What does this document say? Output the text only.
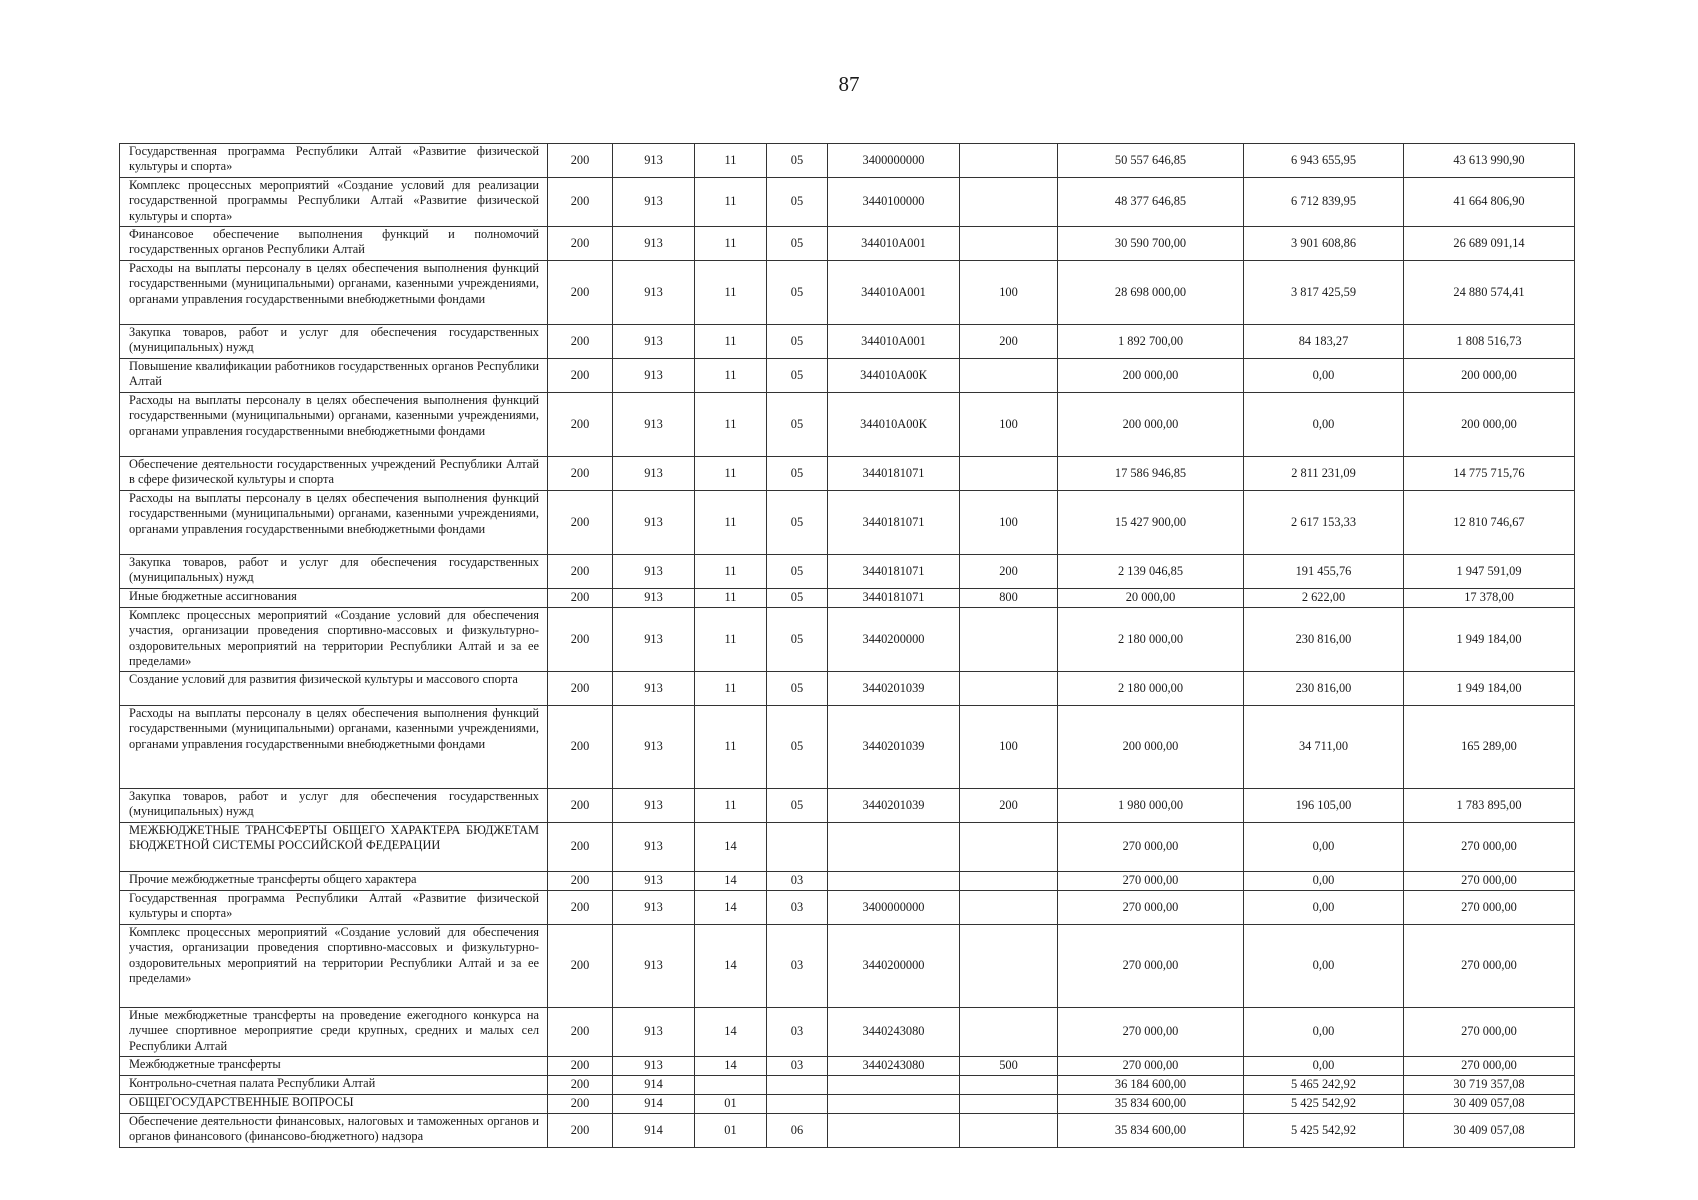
87
Государственная программа Республики Алтай «Развитие физической культуры и спорта»	200	913	11	05	3400000000		50 557 646,85	6 943 655,95	43 613 990,90
Комплекс процессных мероприятий «Создание условий для реализации государственной программы Республики Алтай «Развитие физической культуры и спорта»	200	913	11	05	3440100000		48 377 646,85	6 712 839,95	41 664 806,90
Финансовое обеспечение выполнения функций и полномочий государственных органов Республики Алтай	200	913	11	05	344010А001		30 590 700,00	3 901 608,86	26 689 091,14
Расходы на выплаты персоналу в целях обеспечения выполнения функций государственными (муниципальными) органами, казенными учреждениями, органами управления государственными внебюджетными фондами	200	913	11	05	344010А001	100	28 698 000,00	3 817 425,59	24 880 574,41
Закупка товаров, работ и услуг для обеспечения государственных (муниципальных) нужд	200	913	11	05	344010А001	200	1 892 700,00	84 183,27	1 808 516,73
Повышение квалификации работников государственных органов Республики Алтай	200	913	11	05	344010А00К		200 000,00	0,00	200 000,00
Расходы на выплаты персоналу в целях обеспечения выполнения функций государственными (муниципальными) органами, казенными учреждениями, органами управления государственными внебюджетными фондами	200	913	11	05	344010А00К	100	200 000,00	0,00	200 000,00
Обеспечение деятельности государственных учреждений Республики Алтай в сфере физической культуры и спорта	200	913	11	05	3440181071		17 586 946,85	2 811 231,09	14 775 715,76
Расходы на выплаты персоналу в целях обеспечения выполнения функций государственными (муниципальными) органами, казенными учреждениями, органами управления государственными внебюджетными фондами	200	913	11	05	3440181071	100	15 427 900,00	2 617 153,33	12 810 746,67
Закупка товаров, работ и услуг для обеспечения государственных (муниципальных) нужд	200	913	11	05	3440181071	200	2 139 046,85	191 455,76	1 947 591,09
Иные бюджетные ассигнования	200	913	11	05	3440181071	800	20 000,00	2 622,00	17 378,00
Комплекс процессных мероприятий «Создание условий для обеспечения участия, организации проведения спортивно-массовых и физкультурно-оздоровительных мероприятий на территории Республики Алтай и за ее пределами»	200	913	11	05	3440200000		2 180 000,00	230 816,00	1 949 184,00
Создание условий для развития физической культуры и массового спорта	200	913	11	05	3440201039		2 180 000,00	230 816,00	1 949 184,00
Расходы на выплаты персоналу в целях обеспечения выполнения функций государственными (муниципальными) органами, казенными учреждениями, органами управления государственными внебюджетными фондами	200	913	11	05	3440201039	100	200 000,00	34 711,00	165 289,00
Закупка товаров, работ и услуг для обеспечения государственных (муниципальных) нужд	200	913	11	05	3440201039	200	1 980 000,00	196 105,00	1 783 895,00
МЕЖБЮДЖЕТНЫЕ ТРАНСФЕРТЫ ОБЩЕГО ХАРАКТЕРА БЮДЖЕТАМ БЮДЖЕТНОЙ СИСТЕМЫ РОССИЙСКОЙ ФЕДЕРАЦИИ	200	913	14				270 000,00	0,00	270 000,00
Прочие межбюджетные трансферты общего характера	200	913	14	03			270 000,00	0,00	270 000,00
Государственная программа Республики Алтай «Развитие физической культуры и спорта»	200	913	14	03	3400000000		270 000,00	0,00	270 000,00
Комплекс процессных мероприятий «Создание условий для обеспечения участия, организации проведения спортивно-массовых и физкультурно-оздоровительных мероприятий на территории Республики Алтай и за ее пределами»	200	913	14	03	3440200000		270 000,00	0,00	270 000,00
Иные межбюджетные трансферты на проведение ежегодного конкурса на лучшее спортивное мероприятие среди крупных, средних и малых сел Республики Алтай	200	913	14	03	3440243080		270 000,00	0,00	270 000,00
Межбюджетные трансферты	200	913	14	03	3440243080	500	270 000,00	0,00	270 000,00
Контрольно-счетная палата Республики Алтай	200	914					36 184 600,00	5 465 242,92	30 719 357,08
ОБЩЕГОСУДАРСТВЕННЫЕ ВОПРОСЫ	200	914	01				35 834 600,00	5 425 542,92	30 409 057,08
Обеспечение деятельности финансовых, налоговых и таможенных органов и органов финансового (финансово-бюджетного) надзора	200	914	01	06			35 834 600,00	5 425 542,92	30 409 057,08
